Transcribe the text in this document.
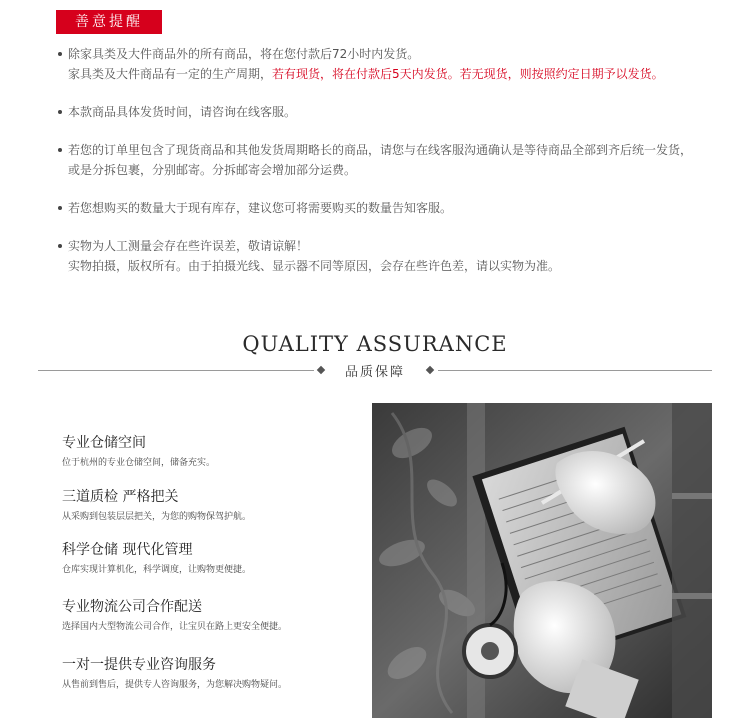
善意提醒
除家具类及大件商品外的所有商品，将在您付款后72小时内发货。
家具类及大件商品有一定的生产周期，若有现货，将在付款后5天内发货。若无现货，则按照约定日期予以发货。
本款商品具体发货时间，请咨询在线客服。
若您的订单里包含了现货商品和其他发货周期略长的商品，请您与在线客服沟通确认是等待商品全部到齐后统一发货，
或是分拆包裹，分别邮寄。分拆邮寄会增加部分运费。
若您想购买的数量大于现有库存，建议您可将需要购买的数量告知客服。
实物为人工测量会存在些许误差，敬请谅解！
实物拍摄，版权所有。由于拍摄光线、显示器不同等原因，会存在些许色差，请以实物为准。
QUALITY ASSURANCE
品质保障
专业仓储空间
位于杭州的专业仓储空间，储备充实。
三道质检 严格把关
从采购到包装层层把关，为您的购物保驾护航。
科学仓储 现代化管理
仓库实现计算机化，科学调度，让购物更便捷。
专业物流公司合作配送
选择国内大型物流公司合作，让宝贝在路上更安全便捷。
一对一提供专业咨询服务
从售前到售后，提供专人咨询服务，为您解决购物疑问。
